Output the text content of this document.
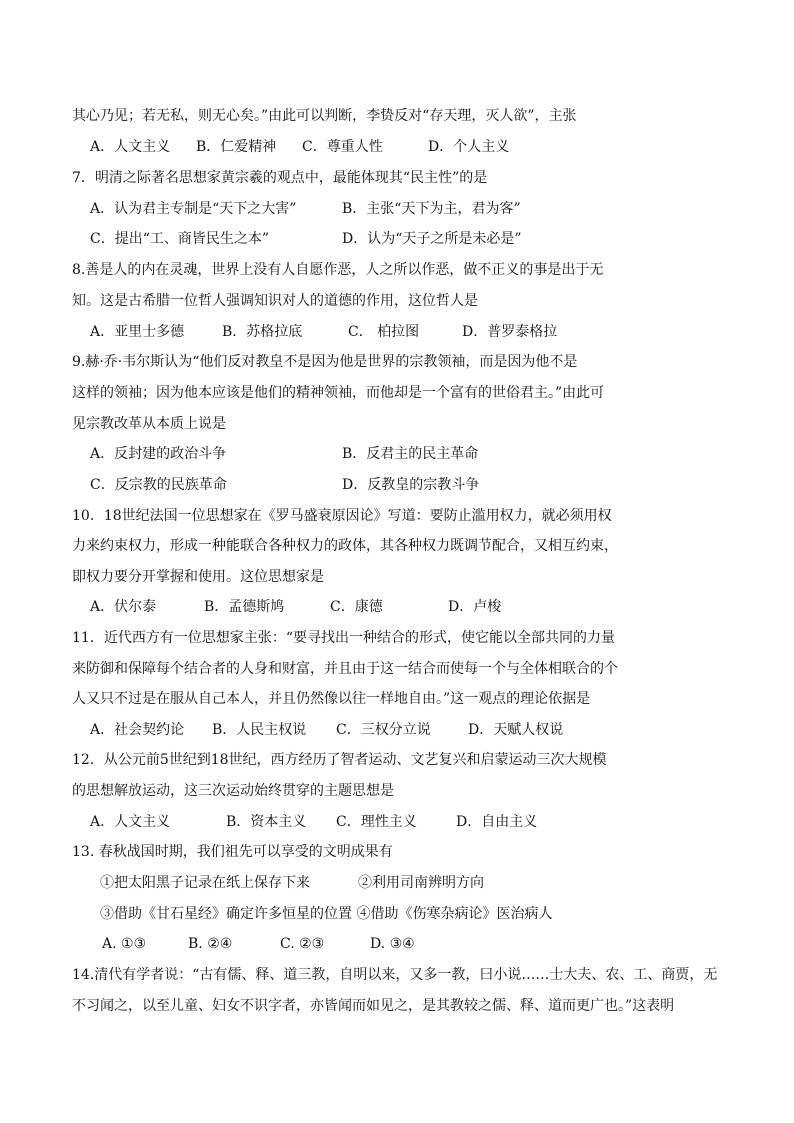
其心乃见；若无私，则无心矣。”由此可以判断，李贽反对“存天理，灭人欲”，主张
A．人文主义 B．仁爱精神 C．尊重人性	D．个人主义
7．明清之际著名思想家黄宗羲的观点中，最能体现其“民主性”的是
A．认为君主专制是“天下之大害”	B．主张“天下为主，君为客”
C．提出“工、商皆民生之本”	D．认为“天子之所是未必是”
8.善是人的内在灵魂，世界上没有人自愿作恶，人之所以作恶，做不正义的事是出于无
知。这是古希腊一位哲人强调知识对人的道德的作用，这位哲人是
A．亚里士多德	B．苏格拉底	C． 柏拉图	D．普罗泰格拉
9.赫·乔·韦尔斯认为“他们反对教皇不是因为他是世界的宗教领袖，而是因为他不是
这样的领袖；因为他本应该是他们的精神领袖，而他却是一个富有的世俗君主。”由此可
见宗教改革从本质上说是
A．反封建的政治斗争	B．反君主的民主革命
C．反宗教的民族革命	D．反教皇的宗教斗争
10．18世纪法国一位思想家在《罗马盛衰原因论》写道：要防止滥用权力，就必须用权
力来约束权力，形成一种能联合各种权力的政体，其各种权力既调节配合，又相互约束，
即权力要分开掌握和使用。这位思想家是
A．伏尔泰	B．孟德斯鸠	C．康德	D．卢梭
11．近代西方有一位思想家主张：“要寻找出一种结合的形式，使它能以全部共同的力量
来防御和保障每个结合者的人身和财富，并且由于这一结合而使每一个与全体相联合的个
人又只不过是在服从自己本人，并且仍然像以往一样地自由。”这一观点的理论依据是
A．社会契约论 B．人民主权说 C．三权分立说	D．天赋人权说
12．从公元前5世纪到18世纪，西方经历了智者运动、文艺复兴和启蒙运动三次大规模
的思想解放运动，这三次运动始终贯穿的主题思想是
A．人文主义	B．资本主义 C．理性主义	D．自由主义
13. 春秋战国时期，我们祖先可以享受的文明成果有
①把太阳黑子记录在纸上保存下来	②利用司南辨明方向
③借助《甘石星经》确定许多恒星的位置 ④借助《伤寒杂病论》医治病人
A. ①③	B. ②④	C. ②③	D. ③④
14.清代有学者说：“古有儒、释、道三教，自明以来，又多一教，曰小说……士大夫、农、工、商贾，无
不习闻之，以至儿童、妇女不识字者，亦皆闻而如见之，是其教较之儒、释、道而更广也。”这表明
